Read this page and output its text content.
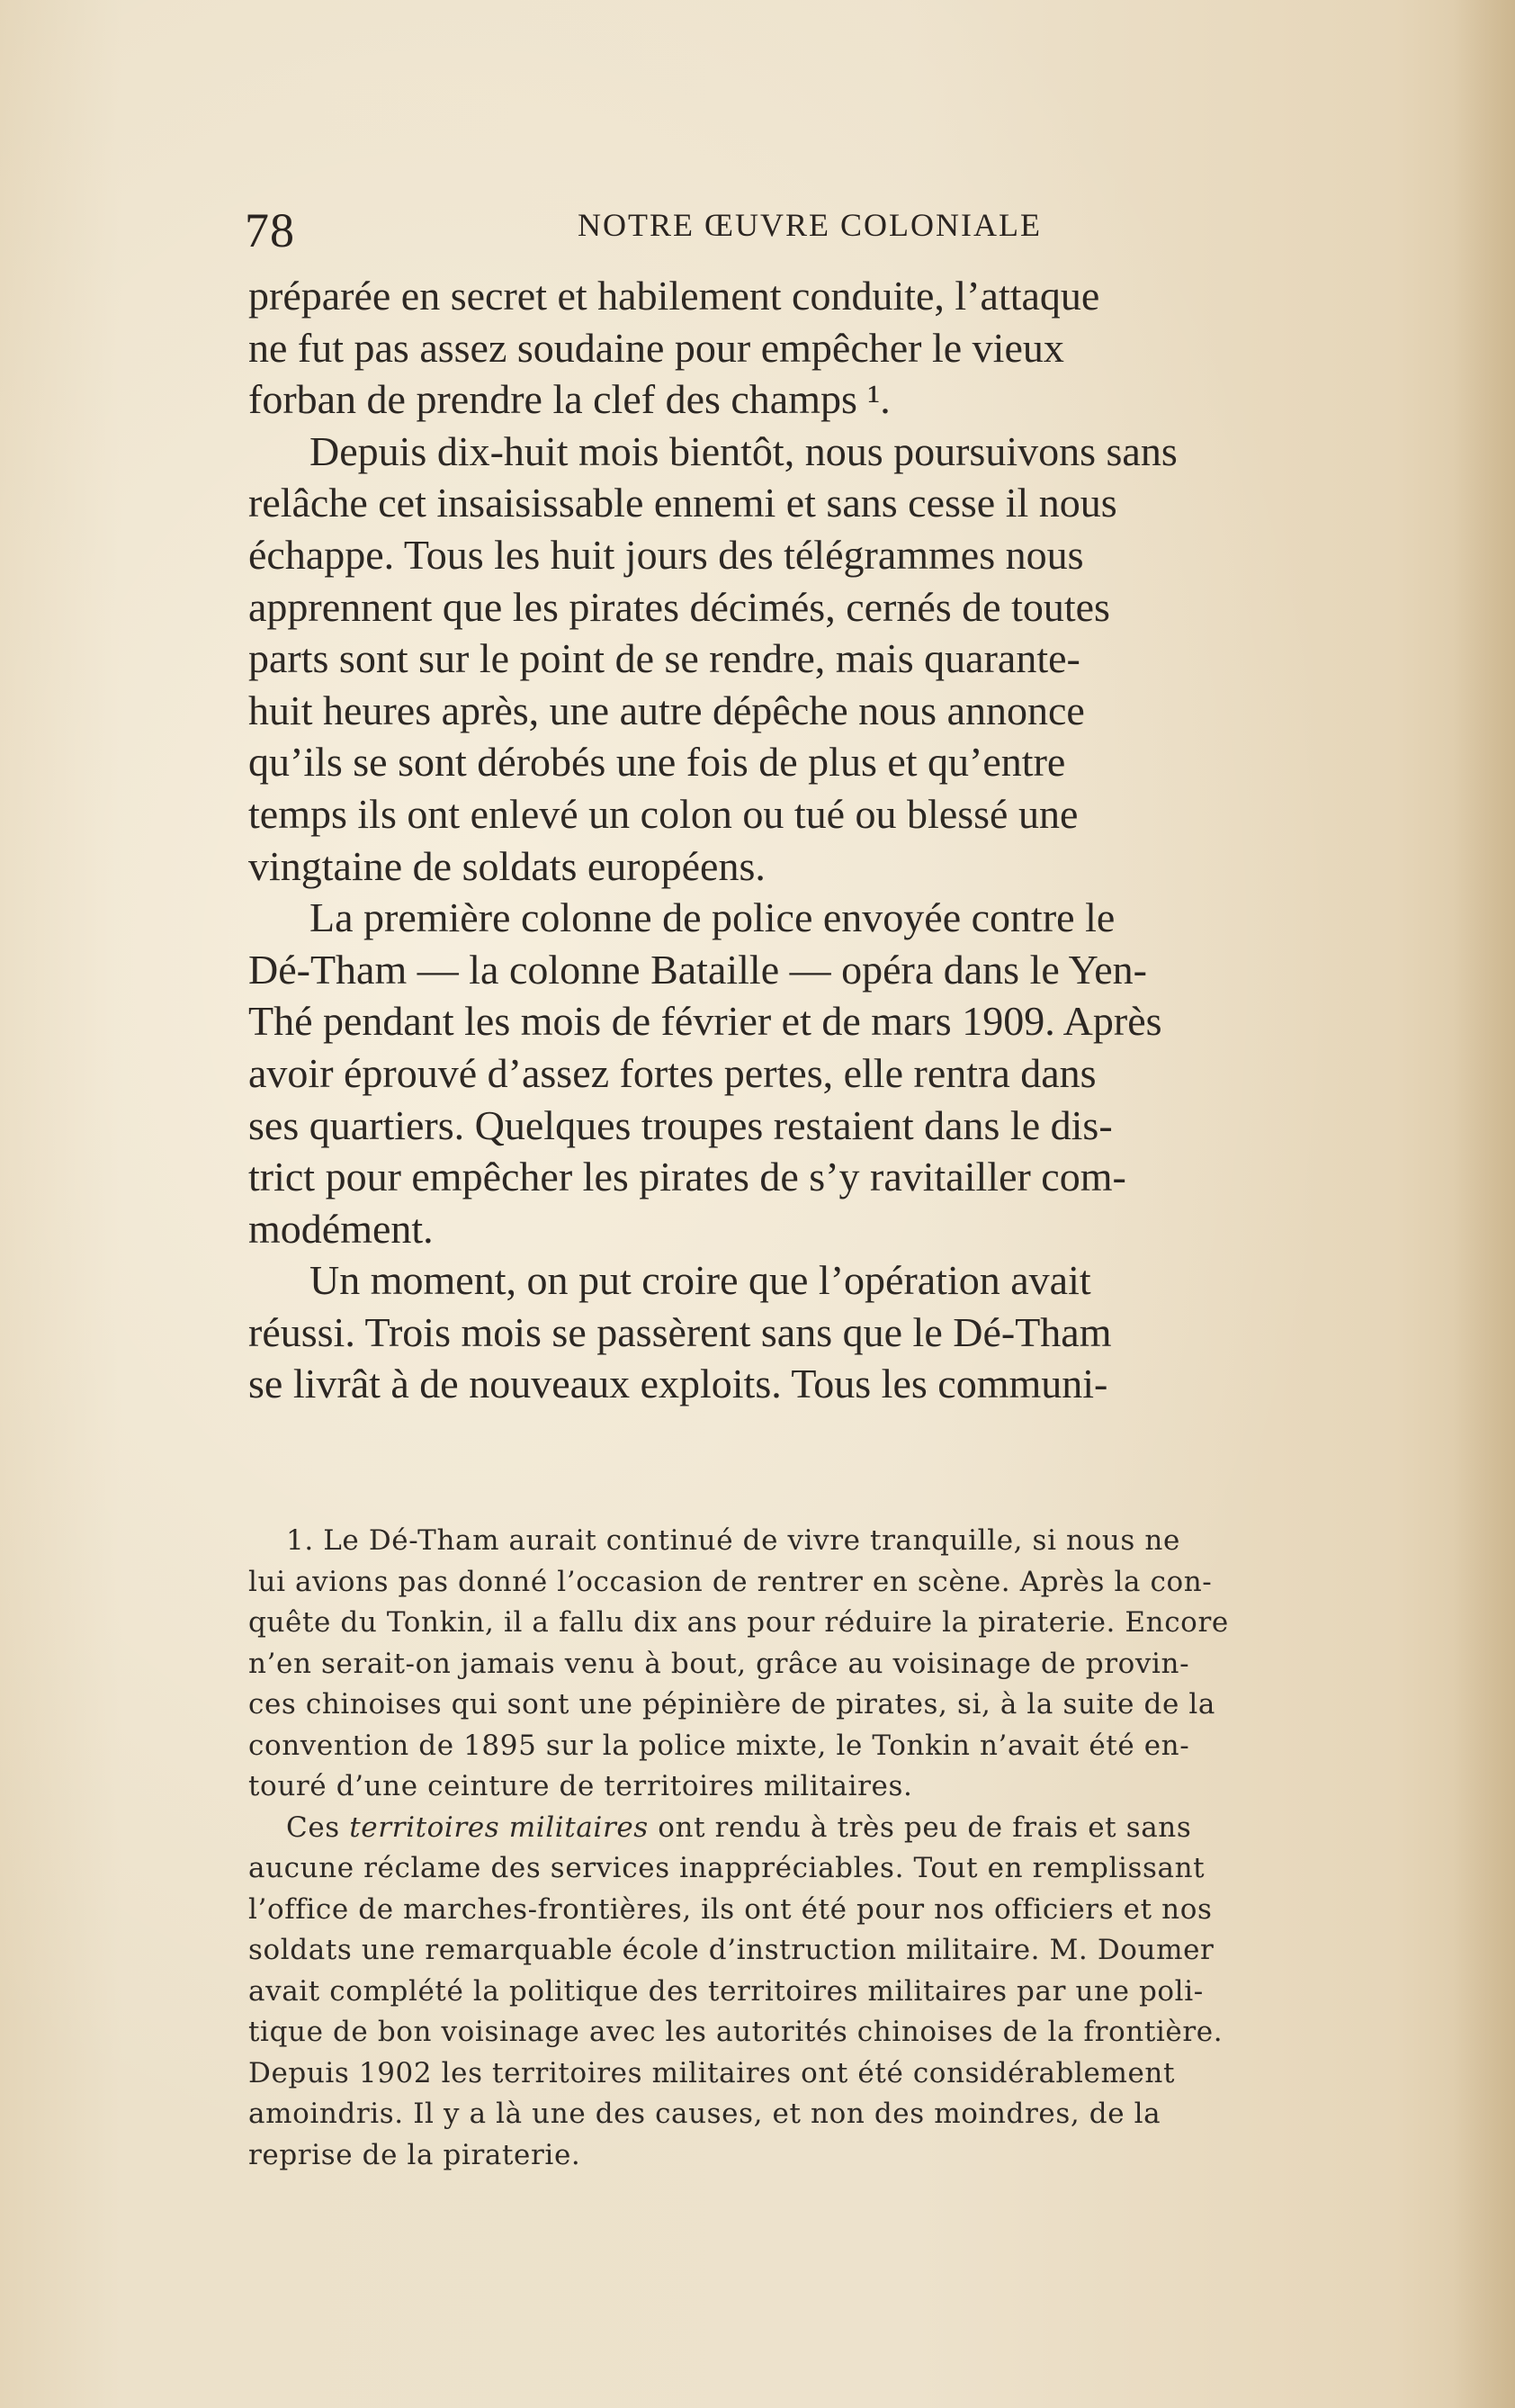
78	NOTRE ŒUVRE COLONIALE

préparée en secret et habilement conduite, l’attaque
ne fut pas assez soudaine pour empêcher le vieux
forban de prendre la clef des champs ¹.

Depuis dix-huit mois bientôt, nous poursuivons sans
relâche cet insaisissable ennemi et sans cesse il nous
échappe. Tous les huit jours des télégrammes nous
apprennent que les pirates décimés, cernés de toutes
parts sont sur le point de se rendre, mais quarante-
huit heures après, une autre dépêche nous annonce
qu’ils se sont dérobés une fois de plus et qu’entre
temps ils ont enlevé un colon ou tué ou blessé une
vingtaine de soldats européens.

La première colonne de police envoyée contre le
Dé-Tham — la colonne Bataille — opéra dans le Yen-
Thé pendant les mois de février et de mars 1909. Après
avoir éprouvé d’assez fortes pertes, elle rentra dans
ses quartiers. Quelques troupes restaient dans le dis-
trict pour empêcher les pirates de s’y ravitailler com-
modément.

Un moment, on put croire que l’opération avait
réussi. Trois mois se passèrent sans que le Dé-Tham
se livrât à de nouveaux exploits. Tous les communi-

1. Le Dé-Tham aurait continué de vivre tranquille, si nous ne
lui avions pas donné l’occasion de rentrer en scène. Après la con-
quête du Tonkin, il a fallu dix ans pour réduire la piraterie. Encore
n’en serait-on jamais venu à bout, grâce au voisinage de provin-
ces chinoises qui sont une pépinière de pirates, si, à la suite de la
convention de 1895 sur la police mixte, le Tonkin n’avait été en-
touré d’une ceinture de territoires militaires.

Ces territoires militaires ont rendu à très peu de frais et sans
aucune réclame des services inappréciables. Tout en remplissant
l’office de marches-frontières, ils ont été pour nos officiers et nos
soldats une remarquable école d’instruction militaire. M. Doumer
avait complété la politique des territoires militaires par une poli-
tique de bon voisinage avec les autorités chinoises de la frontière.
Depuis 1902 les territoires militaires ont été considérablement
amoindris. Il y a là une des causes, et non des moindres, de la
reprise de la piraterie.
